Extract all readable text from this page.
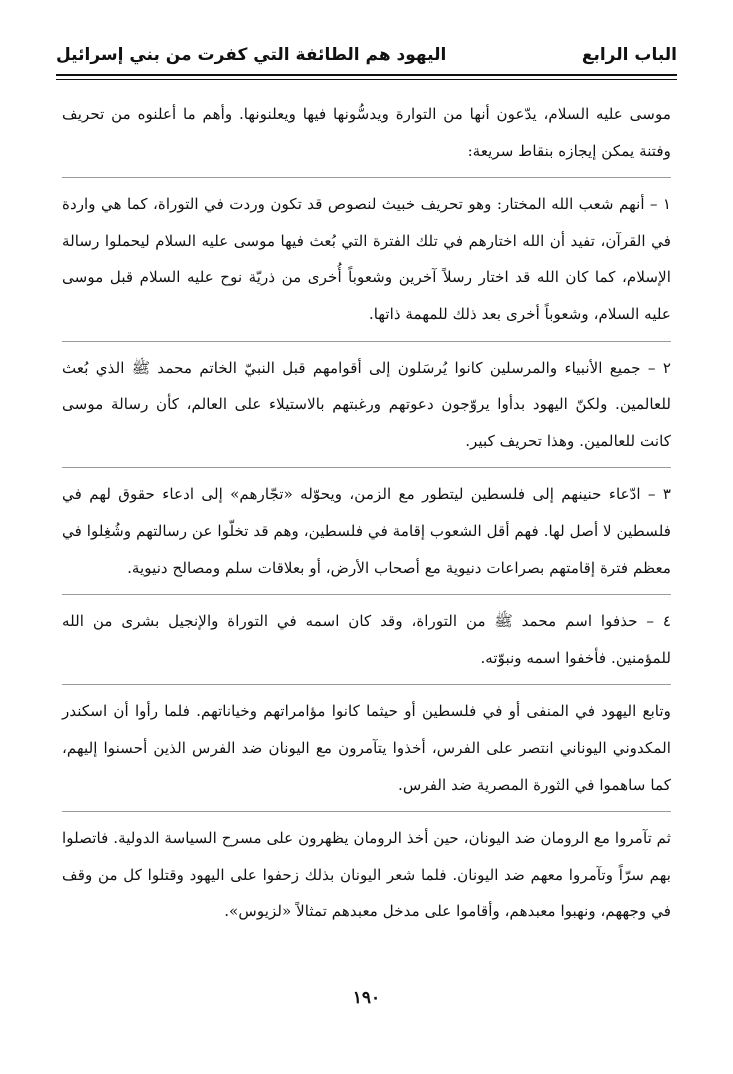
الباب الرابع
اليهود هم الطائفة التي كفرت من بني إسرائيل

موسى عليه السلام، يدّعون أنها من التوارة ويدسُّونها فيها ويعلنونها. وأهم ما أعلنوه من تحريف وفتنة يمكن إيجازه بنقاط سريعة:

١ – أنهم شعب الله المختار: وهو تحريف خبيث لنصوص قد تكون وردت في التوراة، كما هي واردة في القرآن، تفيد أن الله اختارهم في تلك الفترة التي بُعث فيها موسى عليه السلام ليحملوا رسالة الإسلام، كما كان الله قد اختار رسلاً آخرين وشعوباً أُخرى من ذريّة نوح عليه السلام قبل موسى عليه السلام، وشعوباً أخرى بعد ذلك للمهمة ذاتها.

٢ – جميع الأنبياء والمرسلين كانوا يُرسَلون إلى أقوامهم قبل النبيّ الخاتم محمد ﷺ الذي بُعث للعالمين. ولكنّ اليهود بدأوا يروّجون دعوتهم ورغبتهم بالاستيلاء على العالم، كأن رسالة موسى كانت للعالمين. وهذا تحريف كبير.

٣ – ادّعاء حنينهم إلى فلسطين ليتطور مع الزمن، ويحوّله «تجّارهم» إلى ادعاء حقوق لهم في فلسطين لا أصل لها. فهم أقل الشعوب إقامة في فلسطين، وهم قد تخلّوا عن رسالتهم وشُغِلوا في معظم فترة إقامتهم بصراعات دنيوية مع أصحاب الأرض، أو بعلاقات سلم ومصالح دنيوية.

٤ – حذفوا اسم محمد ﷺ من التوراة، وقد كان اسمه في التوراة والإنجيل بشرى من الله للمؤمنين. فأخفوا اسمه ونبوّته.

وتابع اليهود في المنفى أو في فلسطين أو حيثما كانوا مؤامراتهم وخياناتهم. فلما رأوا أن اسكندر المكدوني اليوناني انتصر على الفرس، أخذوا يتآمرون مع اليونان ضد الفرس الذين أحسنوا إليهم، كما ساهموا في الثورة المصرية ضد الفرس.

ثم تآمروا مع الرومان ضد اليونان، حين أخذ الرومان يظهرون على مسرح السياسة الدولية. فاتصلوا بهم سرّاً وتآمروا معهم ضد اليونان. فلما شعر اليونان بذلك زحفوا على اليهود وقتلوا كل من وقف في وجههم، ونهبوا معبدهم، وأقاموا على مدخل معبدهم تمثالاً «لزيوس».

١٩٠
